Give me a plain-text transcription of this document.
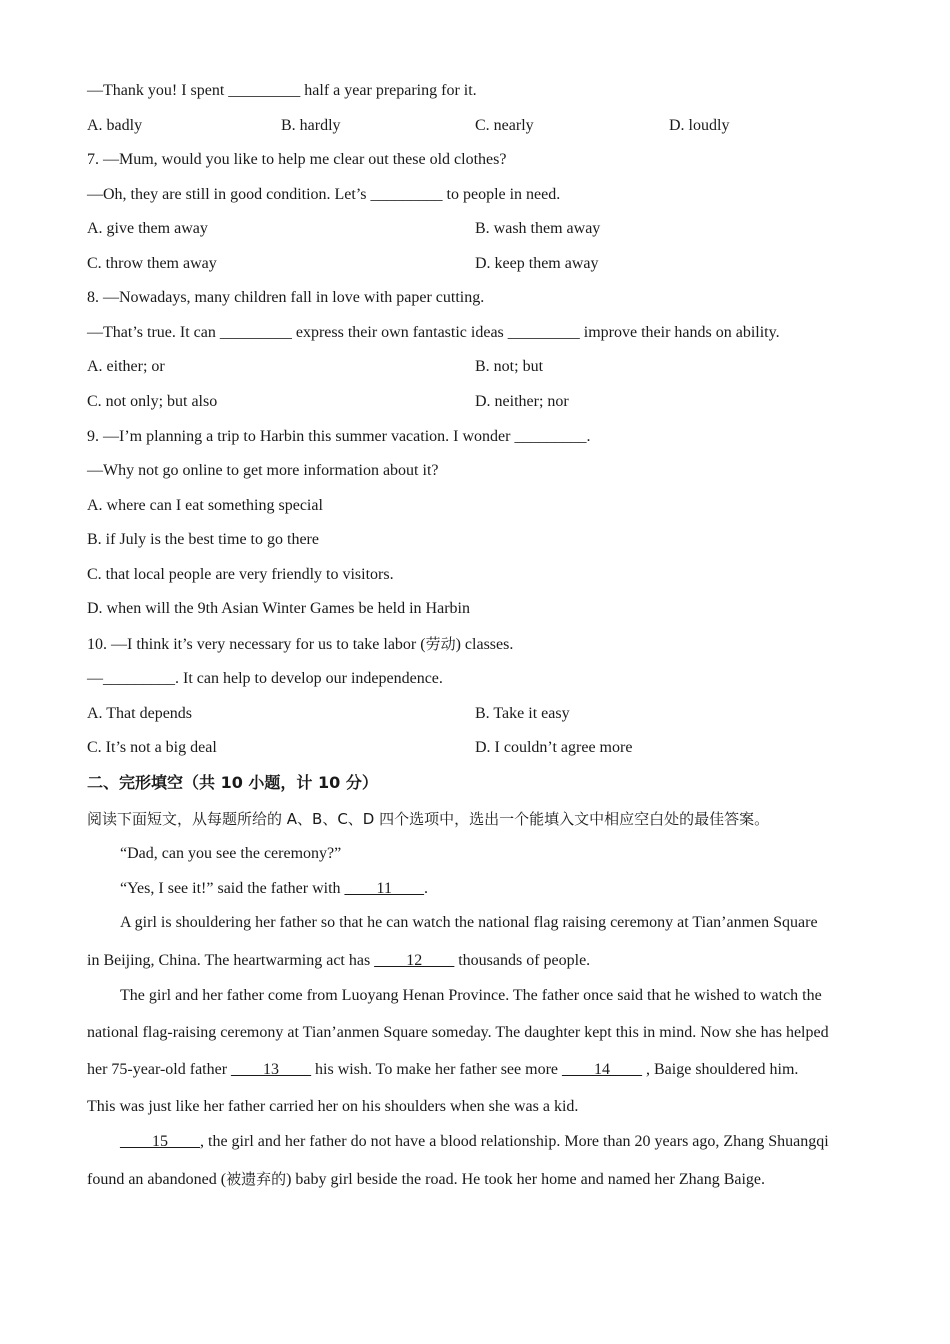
—Thank you! I spent _________ half a year preparing for it.
A. badly	B. hardly	C. nearly	D. loudly
7. —Mum, would you like to help me clear out these old clothes?
—Oh, they are still in good condition. Let’s _________ to people in need.
A. give them away	B. wash them away
C. throw them away	D. keep them away
8. —Nowadays, many children fall in love with paper cutting.
—That’s true. It can _________ express their own fantastic ideas _________ improve their hands on ability.
A. either; or	B. not; but
C. not only; but also	D. neither; nor
9. —I’m planning a trip to Harbin this summer vacation. I wonder _________.
—Why not go online to get more information about it?
A. where can I eat something special
B. if July is the best time to go there
C. that local people are very friendly to visitors.
D. when will the 9th Asian Winter Games be held in Harbin
10. —I think it’s very necessary for us to take labor (劳动) classes.
—_________. It can help to develop our independence.
A. That depends	B. Take it easy
C. It’s not a big deal	D. I couldn’t agree more
二、完形填空（共 10 小题，计 10 分）
阅读下面短文，从每题所给的 A、B、C、D 四个选项中，选出一个能填入文中相应空白处的最佳答案。
“Dad, can you see the ceremony?”
“Yes, I see it!” said the father with ____11____.
A girl is shouldering her father so that he can watch the national flag raising ceremony at Tian’anmen Square
in Beijing, China. The heartwarming act has ____12____ thousands of people.
The girl and her father come from Luoyang Henan Province. The father once said that he wished to watch the
national flag-raising ceremony at Tian’anmen Square someday. The daughter kept this in mind. Now she has helped
her 75-year-old father ____13____ his wish. To make her father see more ____14____ , Baige shouldered him.
This was just like her father carried her on his shoulders when she was a kid.
____15____, the girl and her father do not have a blood relationship. More than 20 years ago, Zhang Shuangqi
found an abandoned (被遗弃的) baby girl beside the road. He took her home and named her Zhang Baige.
